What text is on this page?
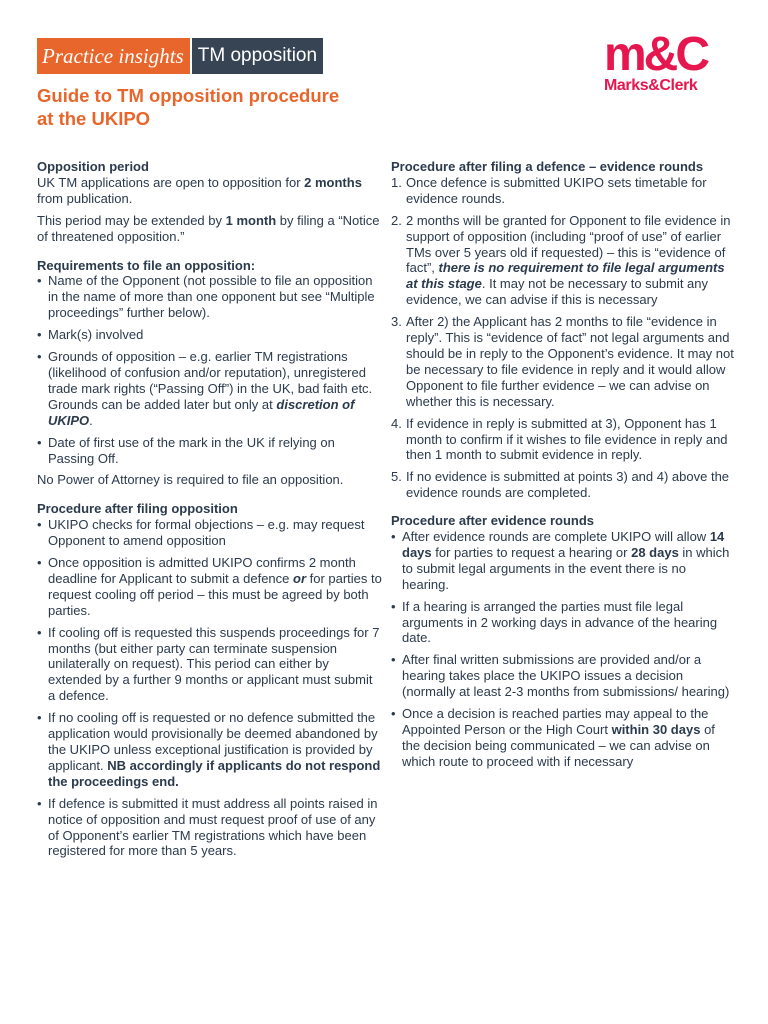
Practice insights TM opposition	m&C
Marks&Clerk
Guide to TM opposition procedure
at the UKIPO

Opposition period

UK TM applications are open to opposition for 2 months from publication.

This period may be extended by 1 month by filing a “Notice of threatened opposition.”

Requirements to file an opposition:

• Name of the Opponent (not possible to file an opposition in the name of more than one opponent but see “Multiple proceedings” further below).
• Mark(s) involved
• Grounds of opposition – e.g. earlier TM registrations (likelihood of confusion and/or reputation), unregistered trade mark rights (“Passing Off”) in the UK, bad faith etc. Grounds can be added later but only at discretion of UKIPO.
• Date of first use of the mark in the UK if relying on Passing Off.

No Power of Attorney is required to file an opposition.

Procedure after filing opposition

• UKIPO checks for formal objections – e.g. may request Opponent to amend opposition
• Once opposition is admitted UKIPO confirms 2 month deadline for Applicant to submit a defence or for parties to request cooling off period – this must be agreed by both parties.
• If cooling off is requested this suspends proceedings for 7 months (but either party can terminate suspension unilaterally on request). This period can either by extended by a further 9 months or applicant must submit a defence.
• If no cooling off is requested or no defence submitted the application would provisionally be deemed abandoned by the UKIPO unless exceptional justification is provided by applicant. NB accordingly if applicants do not respond the proceedings end.
• If defence is submitted it must address all points raised in notice of opposition and must request proof of use of any of Opponent’s earlier TM registrations which have been registered for more than 5 years.

Procedure after filing a defence – evidence rounds

1. Once defence is submitted UKIPO sets timetable for evidence rounds.
2. 2 months will be granted for Opponent to file evidence in support of opposition (including “proof of use” of earlier TMs over 5 years old if requested) – this is “evidence of fact”, there is no requirement to file legal arguments at this stage. It may not be necessary to submit any evidence, we can advise if this is necessary
3. After 2) the Applicant has 2 months to file “evidence in reply”. This is “evidence of fact” not legal arguments and should be in reply to the Opponent’s evidence. It may not be necessary to file evidence in reply and it would allow Opponent to file further evidence – we can advise on whether this is necessary.
4. If evidence in reply is submitted at 3), Opponent has 1 month to confirm if it wishes to file evidence in reply and then 1 month to submit evidence in reply.
5. If no evidence is submitted at points 3) and 4) above the evidence rounds are completed.

Procedure after evidence rounds

• After evidence rounds are complete UKIPO will allow 14 days for parties to request a hearing or 28 days in which to submit legal arguments in the event there is no hearing.
• If a hearing is arranged the parties must file legal arguments in 2 working days in advance of the hearing date.
• After final written submissions are provided and/or a hearing takes place the UKIPO issues a decision (normally at least 2-3 months from submissions/ hearing)
• Once a decision is reached parties may appeal to the Appointed Person or the High Court within 30 days of the decision being communicated – we can advise on which route to proceed with if necessary
